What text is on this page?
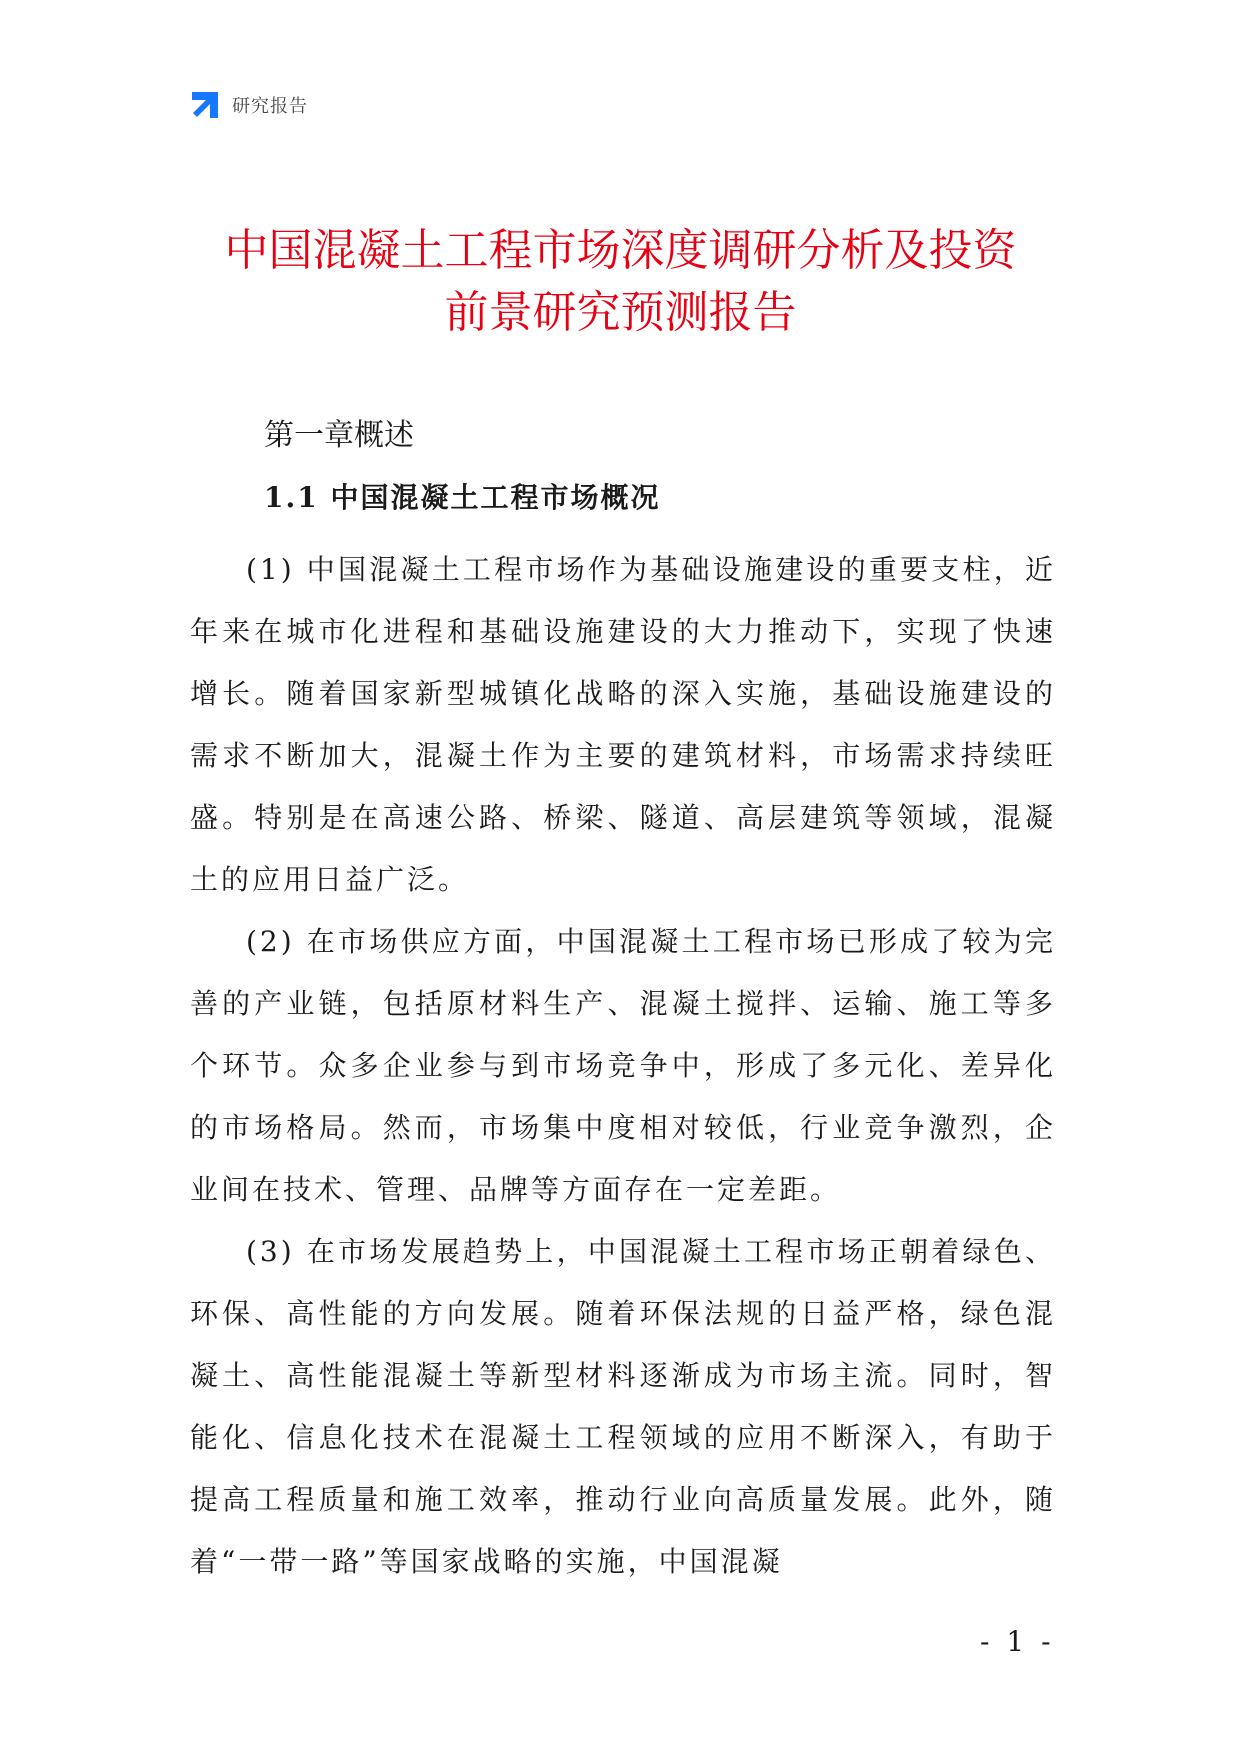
研究报告
中国混凝土工程市场深度调研分析及投资
前景研究预测报告
第一章概述
1.1 中国混凝土工程市场概况

(1) 中国混凝土工程市场作为基础设施建设的重要支柱，近年来在城市化进程和基础设施建设的大力推动下，实现了快速增长。随着国家新型城镇化战略的深入实施，基础设施建设的需求不断加大，混凝土作为主要的建筑材料，市场需求持续旺盛。特别是在高速公路、桥梁、隧道、高层建筑等领域，混凝土的应用日益广泛。

(2) 在市场供应方面，中国混凝土工程市场已形成了较为完善的产业链，包括原材料生产、混凝土搅拌、运输、施工等多个环节。众多企业参与到市场竞争中，形成了多元化、差异化的市场格局。然而，市场集中度相对较低，行业竞争激烈，企业间在技术、管理、品牌等方面存在一定差距。

(3) 在市场发展趋势上，中国混凝土工程市场正朝着绿色、环保、高性能的方向发展。随着环保法规的日益严格，绿色混凝土、高性能混凝土等新型材料逐渐成为市场主流。同时，智能化、信息化技术在混凝土工程领域的应用不断深入，有助于提高工程质量和施工效率，推动行业向高质量发展。此外，随着“一带一路”等国家战略的实施，中国混凝

- 1 -
